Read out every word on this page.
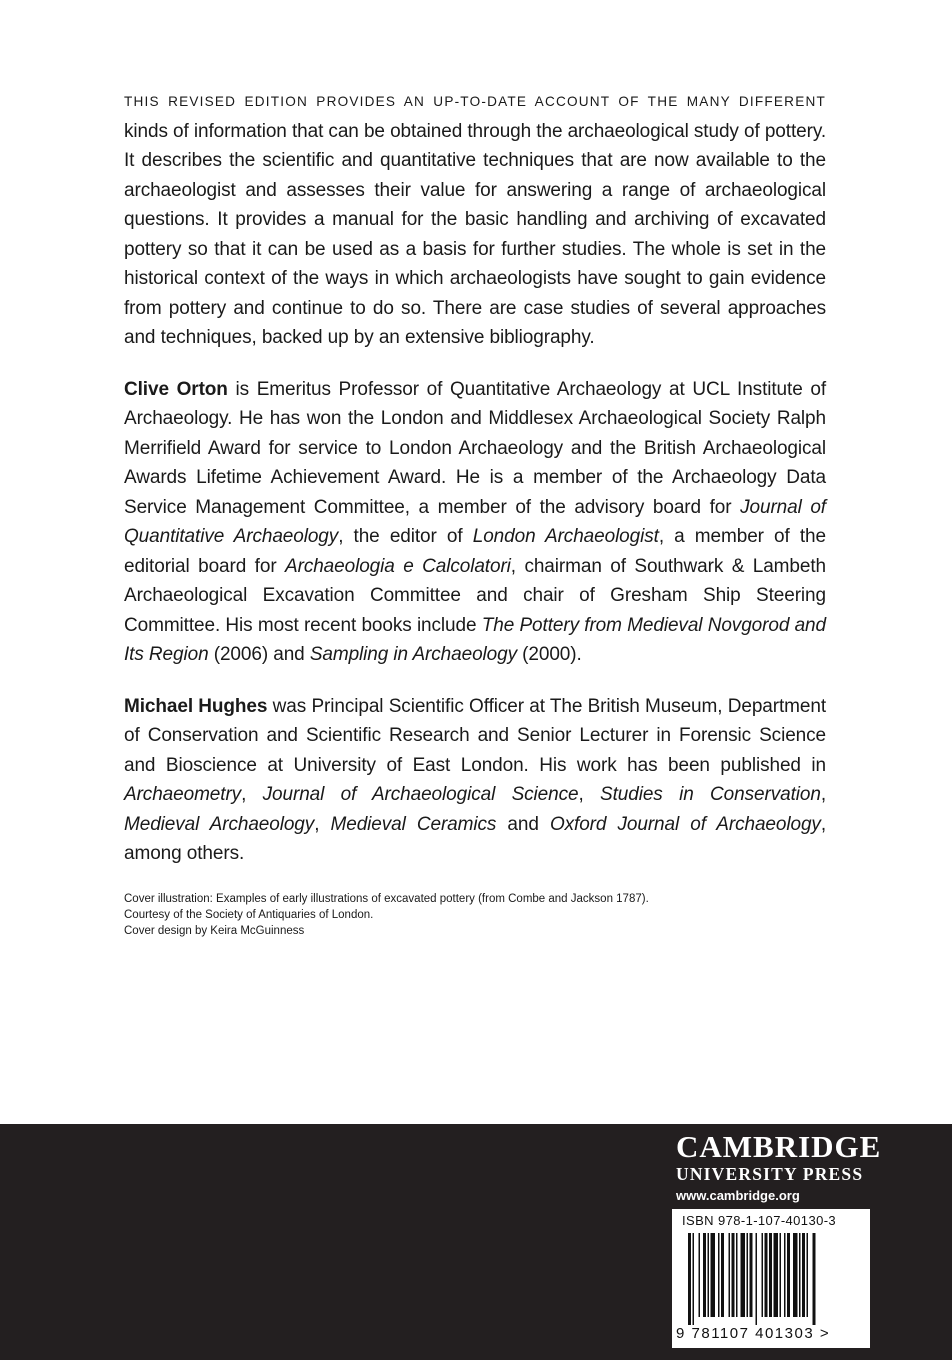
THIS REVISED EDITION PROVIDES AN UP-TO-DATE ACCOUNT OF THE MANY DIFFERENT kinds of information that can be obtained through the archaeological study of pottery. It describes the scientific and quantitative techniques that are now available to the archaeologist and assesses their value for answering a range of archaeological questions. It provides a manual for the basic handling and archiving of excavated pottery so that it can be used as a basis for further studies. The whole is set in the historical context of the ways in which archaeologists have sought to gain evidence from pottery and continue to do so. There are case studies of several approaches and techniques, backed up by an extensive bibliography.

Clive Orton is Emeritus Professor of Quantitative Archaeology at UCL Institute of Archaeology. He has won the London and Middlesex Archaeological Society Ralph Merrifield Award for service to London Archaeology and the British Archaeological Awards Lifetime Achievement Award. He is a member of the Archaeology Data Service Management Committee, a member of the advisory board for Journal of Quantitative Archaeology, the editor of London Archaeologist, a member of the editorial board for Archaeologia e Calcolatori, chairman of Southwark & Lambeth Archaeological Excavation Committee and chair of Gresham Ship Steering Committee. His most recent books include The Pottery from Medieval Novgorod and Its Region (2006) and Sampling in Archaeology (2000).

Michael Hughes was Principal Scientific Officer at The British Museum, Department of Conservation and Scientific Research and Senior Lecturer in Forensic Science and Bioscience at University of East London. His work has been published in Archaeometry, Journal of Archaeological Science, Studies in Conservation, Medieval Archaeology, Medieval Ceramics and Oxford Journal of Archaeology, among others.

Cover illustration: Examples of early illustrations of excavated pottery (from Combe and Jackson 1787).

Courtesy of the Society of Antiquaries of London.

Cover design by Keira McGuinness

CAMBRIDGE
UNIVERSITY PRESS
www.cambridge.org
ISBN 978-1-107-40130-3
9 781107 401303 >
